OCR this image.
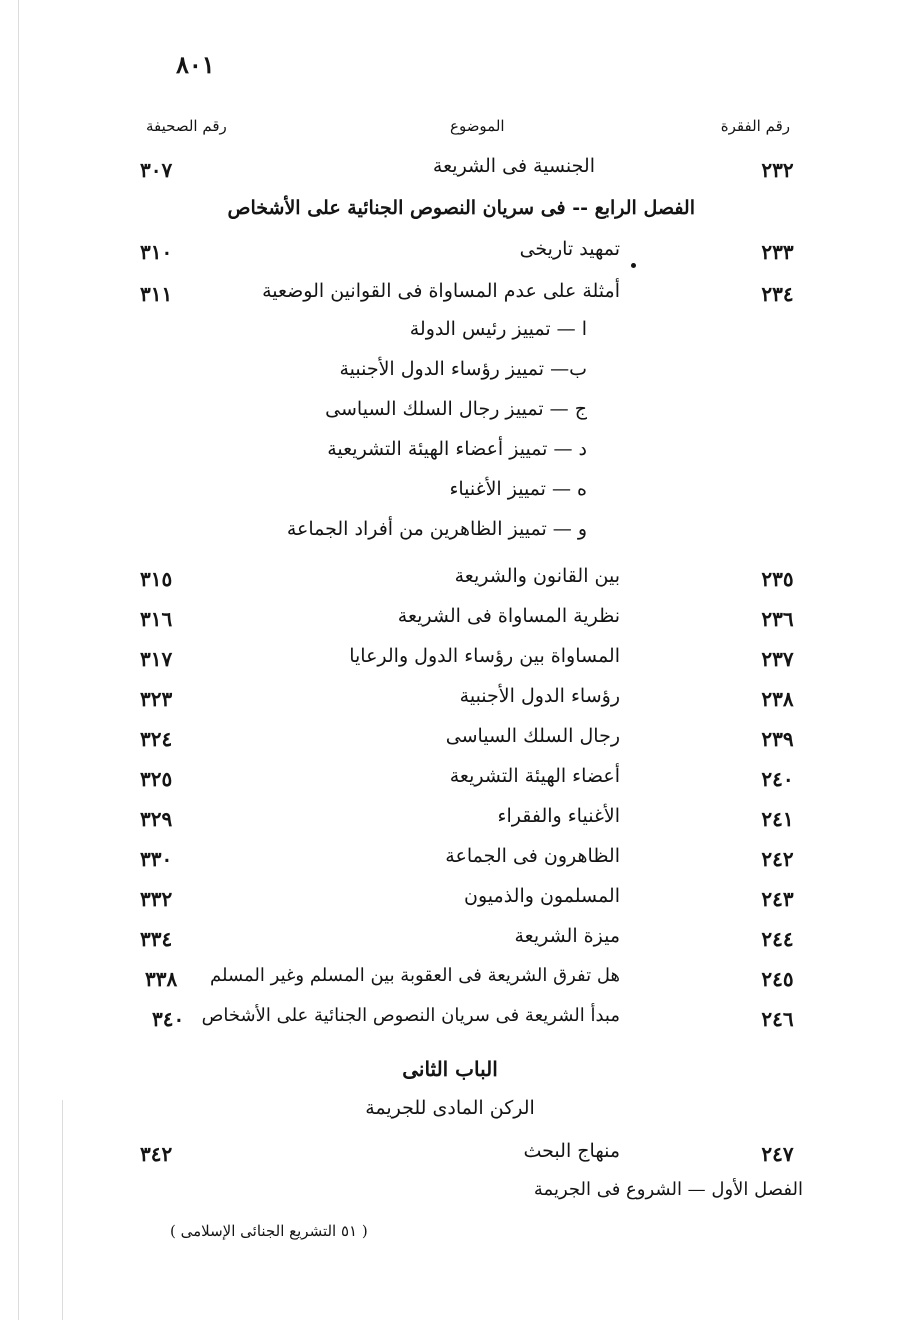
٨٠١
رقم الفقرة
الموضوع
رقم الصحيفة
٢٣٢
الجنسية فى الشريعة
٣٠٧
الفصل الرابع -- فى سريان النصوص الجنائية على الأشخاص
٢٣٣
تمهيد تاريخى
٣١٠
٢٣٤
أمثلة على عدم المساواة فى القوانين الوضعية
٣١١
ا — تمييز رئيس الدولة
ب— تمييز رؤساء الدول الأجنبية
ج — تمييز رجال السلك السياسى
د — تمييز أعضاء الهيئة التشريعية
ه — تمييز الأغنياء
و — تمييز الظاهرين من أفراد الجماعة
٢٣٥
بين القانون والشريعة
٣١٥
٢٣٦
نظرية المساواة فى الشريعة
٣١٦
٢٣٧
المساواة بين رؤساء الدول والرعايا
٣١٧
٢٣٨
رؤساء الدول الأجنبية
٣٢٣
٢٣٩
رجال السلك السياسى
٣٢٤
٢٤٠
أعضاء الهيئة التشريعة
٣٢٥
٢٤١
الأغنياء والفقراء
٣٢٩
٢٤٢
الظاهرون فى الجماعة
٣٣٠
٢٤٣
المسلمون والذميون
٣٣٢
٢٤٤
ميزة الشريعة
٣٣٤
٢٤٥
هل تفرق الشريعة فى العقوبة بين المسلم وغير المسلم
٣٣٨
٢٤٦
مبدأ الشريعة فى سريان النصوص الجنائية على الأشخاص
٣٤٠
الباب الثانى
الركن المادى للجريمة
٢٤٧
منهاج البحث
٣٤٢
الفصل الأول — الشروع فى الجريمة
( ٥١ التشريع الجنائى الإسلامى )
